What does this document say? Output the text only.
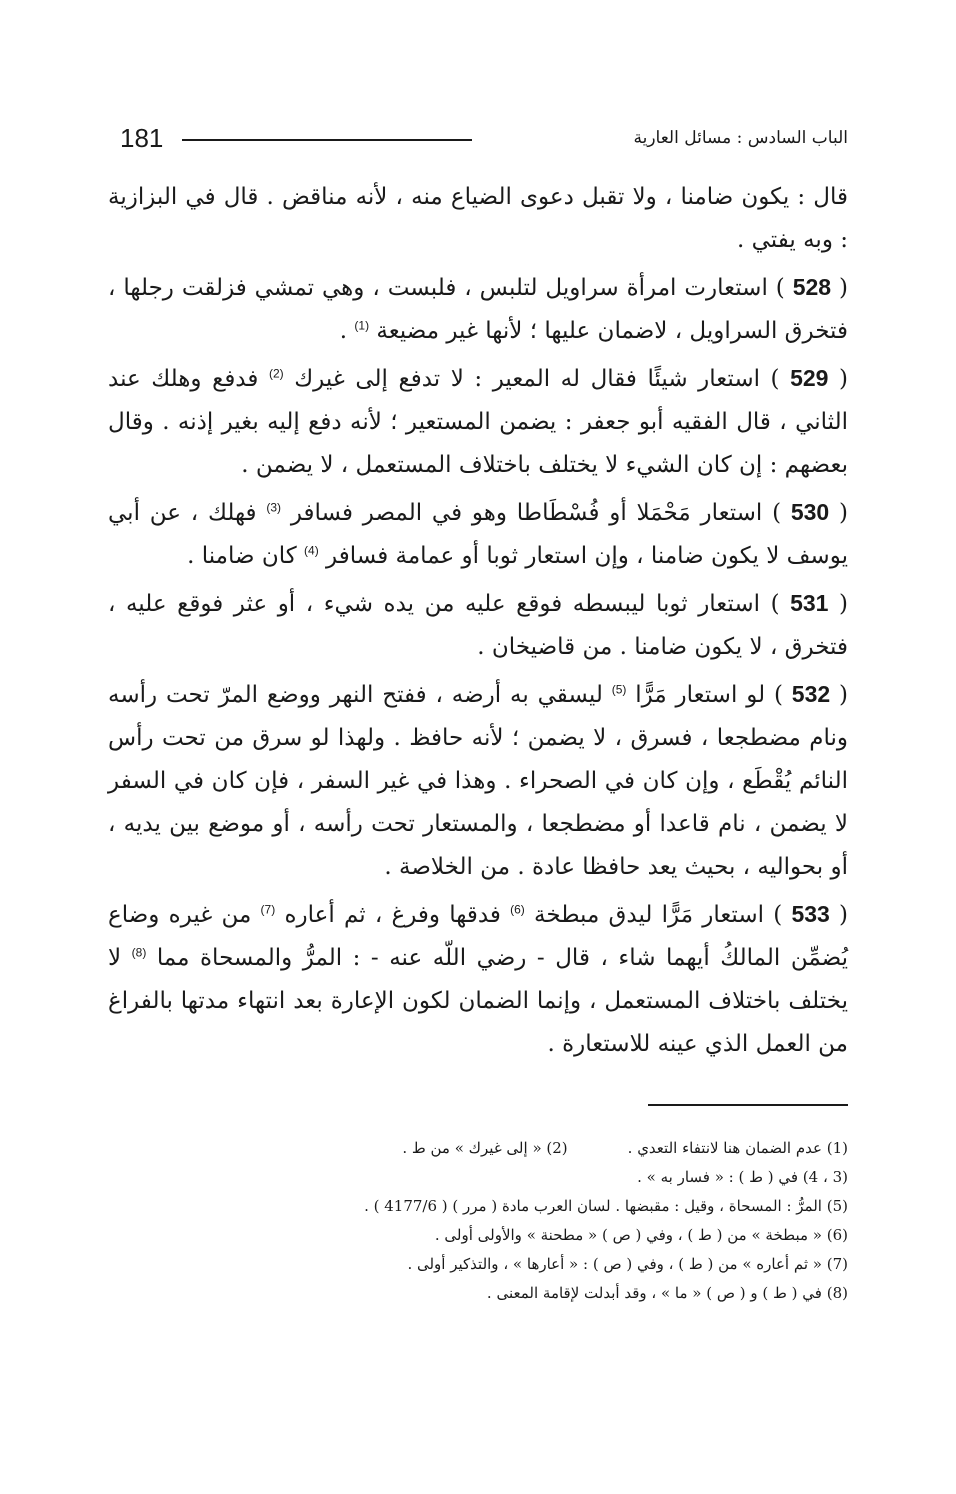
181	الباب السادس : مسائل العارية

قال : يكون ضامنا ، ولا تقبل دعوى الضياع منه ، لأنه مناقض . قال في البزازية : وبه يفتي .

( 528 ) استعارت امرأة سراويل لتلبس ، فلبست ، وهي تمشي فزلقت رجلها ، فتخرق السراويل ، لاضمان عليها ؛ لأنها غير مضيعة $^{(1)}$ .

( 529 ) استعار شيئًا فقال له المعير : لا تدفع إلى غيرك $^{(2)}$ فدفع وهلك عند الثاني ، قال الفقيه أبو جعفر : يضمن المستعير ؛ لأنه دفع إليه بغير إذنه . وقال بعضهم : إن كان الشيء لا يختلف باختلاف المستعمل ، لا يضمن .

( 530 ) استعار مَحْمَلا أو فُسْطَاطا وهو في المصر فسافر $^{(3)}$ فهلك ، عن أبي يوسف لا يكون ضامنا ، وإن استعار ثوبا أو عمامة فسافر $^{(4)}$ كان ضامنا .

( 531 ) استعار ثوبا ليبسطه فوقع عليه من يده شيء ، أو عثر فوقع عليه ، فتخرق ، لا يكون ضامنا . من قاضيخان .

( 532 ) لو استعار مَرًّا $^{(5)}$ ليسقي به أرضه ، ففتح النهر ووضع المرّ تحت رأسه ونام مضطجعا ، فسرق ، لا يضمن ؛ لأنه حافظ . ولهذا لو سرق من تحت رأس النائم يُقْطَع ، وإن كان في الصحراء . وهذا في غير السفر ، فإن كان في السفر لا يضمن ، نام قاعدا أو مضطجعا ، والمستعار تحت رأسه ، أو موضع بين يديه ، أو بحواليه ، بحيث يعد حافظا عادة . من الخلاصة .

( 533 ) استعار مَرًّا ليدق مبطخة $^{(6)}$ فدقها وفرغ ، ثم أعاره $^{(7)}$ من غيره وضاع يُضمِّن المالكُ أيهما شاء ، قال - رضي اللّه عنه - : المرُّ والمسحاة مما $^{(8)}$ لا يختلف باختلاف المستعمل ، وإنما الضمان لكون الإعارة بعد انتهاء مدتها بالفراغ من العمل الذي عينه للاستعارة .

(1) عدم الضمان هنا لانتفاء التعدي .
(2) « إلى غيرك » من ط .
(3 ، 4) في ( ط ) : « فسار به » .
(5) المرُّ : المسحاة ، وقيل : مقبضها . لسان العرب مادة ( مرر ) ( 4177/6 ) .
(6) « مبطخة » من ( ط ) ، وفي ( ص ) « مطحنة » والأولى أولى .
(7) « ثم أعاره » من ( ط ) ، وفي ( ص ) : « أعارها » ، والتذكير أولى .
(8) في ( ط ) و ( ص ) « ما » ، وقد أبدلت لإقامة المعنى .
